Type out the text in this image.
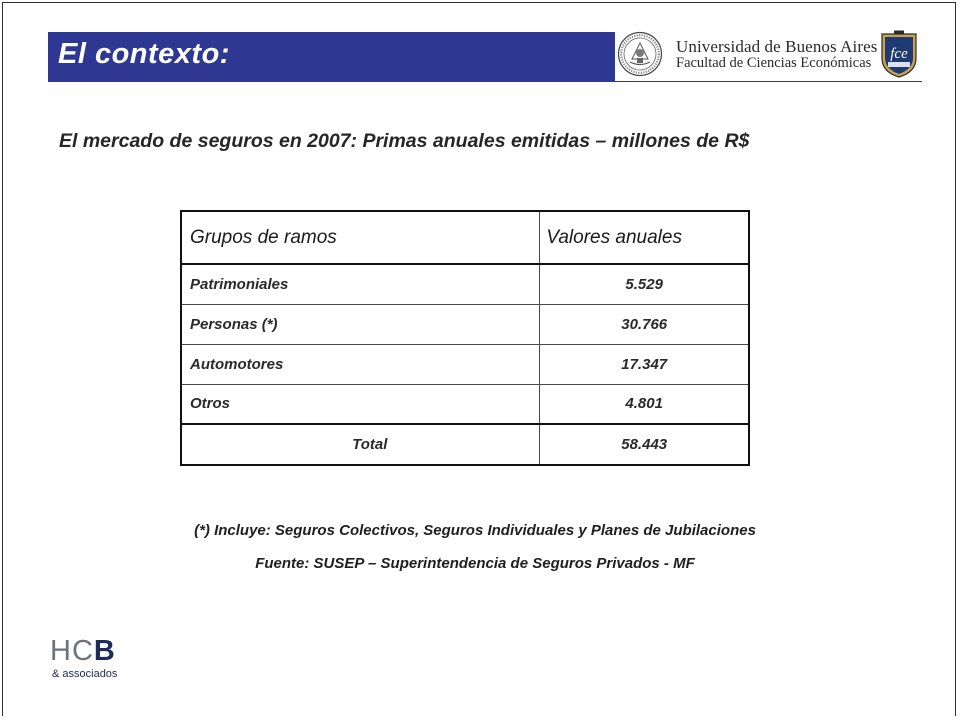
El contexto:	Universidad de Buenos Aires
Facultad de Ciencias Económicas
fce
El mercado de seguros en 2007: Primas anuales emitidas – millones de R$
Grupos de ramos	Valores anuales
Patrimoniales	5.529
Personas (*)	30.766
Automotores	17.347
Otros	4.801
Total	58.443
(*) Incluye: Seguros Colectivos, Seguros Individuales y Planes de Jubilaciones
Fuente: SUSEP – Superintendencia de Seguros Privados - MF
HCB
& associados
